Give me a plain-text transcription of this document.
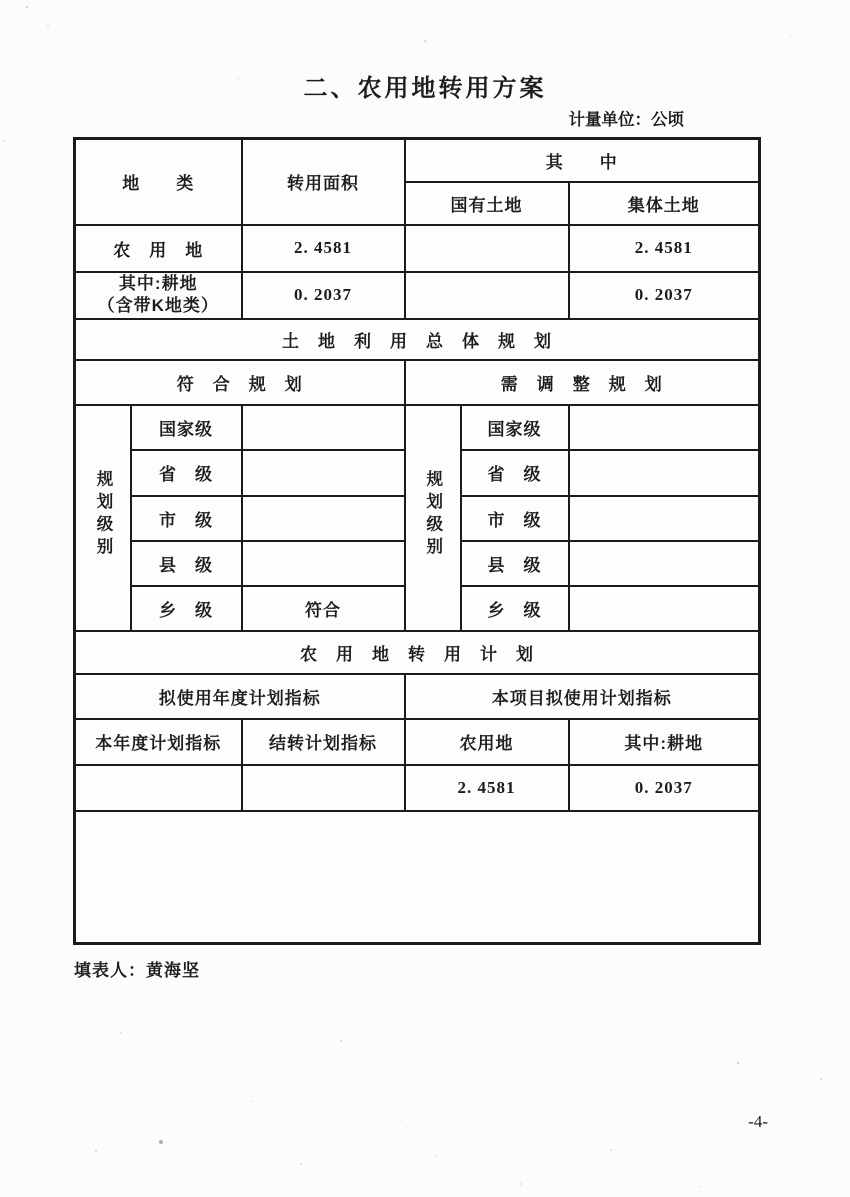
二、农用地转用方案
计量单位：公顷
地　　类		转用面积	其　　中		
			国有土地		集体土地
农　用　地		2. 4581			2. 4581
其中:耕地
（含带K地类）		0. 2037			0. 2037
土　地　利　用　总　体　规　划					
符　合　规　划			需　调　整　规　划		
规划级别	国家级		规划级别	国家级	
	省　级			省　级	
	市　级			市　级	
	县　级			县　级	
	乡　级	符合		乡　级	
农　用　地　转　用　计　划					
拟使用年度计划指标			本项目拟使用计划指标		
本年度计划指标		结转计划指标	农用地		其中:耕地
			2. 4581		0. 2037

填表人：黄海坚
-4-
